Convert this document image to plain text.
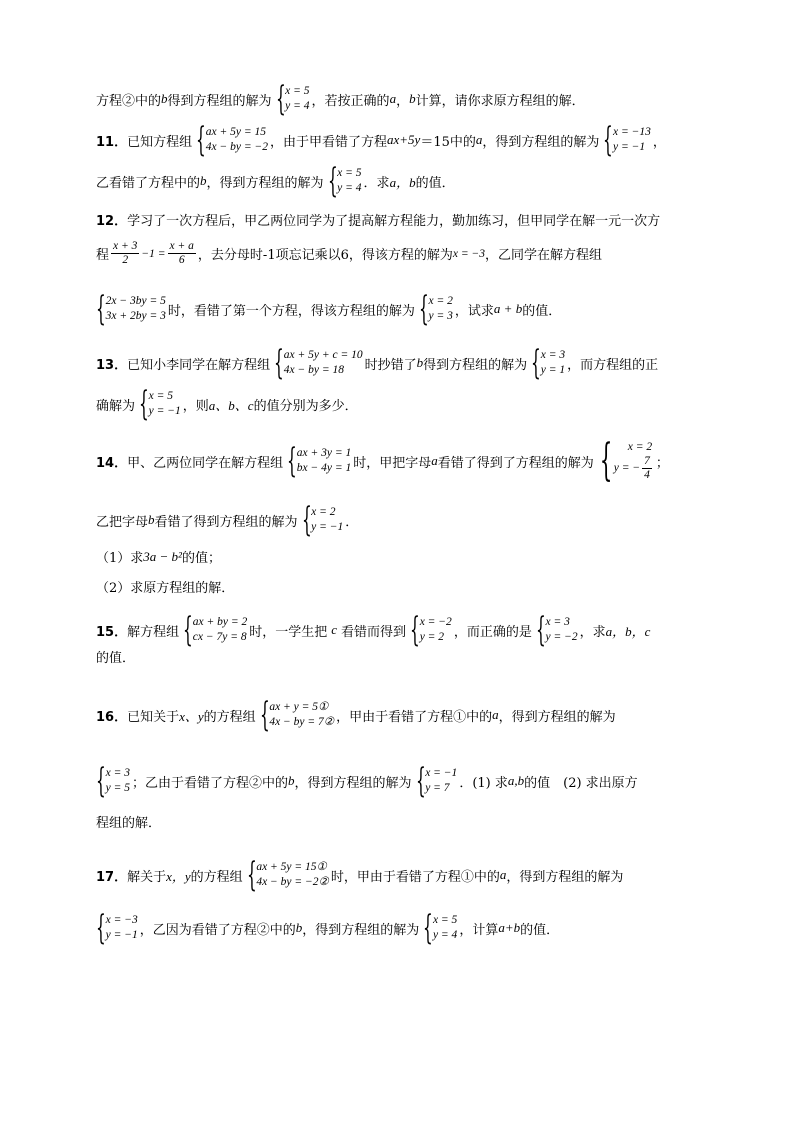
方程②中的 b 得到方程组的解为 { x = 5
y = 4 ，若按正确的 a ， b 计算，请你求原方程组的解．
11． 已知方程组 { ax + 5y = 15
4x − by = −2 ，由于甲看错了方程 ax+5y ＝15中的 a ，得到方程组的解为 { x = −13
y = −1 ，
乙看错了方程中的 b ，得到方程组的解为 { x = 5
y = 4 ．求 a，b 的值．
12． 学习了一次方程后，甲乙两位同学为了提高解方程能力，勤加练习，但甲同学在解一元一次方
程 $\frac{x + 3}{2} -1 = \frac{x + a}{6}$ ，去分母时-1项忘记乘以6，得该方程的解为 x = −3 ，乙同学在解方程组
{ 2x − 3by = 5
3x + 2by = 3 时，看错了第一个方程，得该方程组的解为 { x = 2
y = 3 ，试求 a + b 的值．
13． 已知小李同学在解方程组 { ax + 5y + c = 10
4x − by = 18	时抄错了 b 得到方程组的解为 { x = 3
y = 1 ，而方程组的正
确解为 { x = 5
y = −1 ，则 a、b、c 的值分别为多少．
14． 甲、乙两位同学在解方程组 { ax + 3y = 1
bx − 4y = 1 时，甲把字母 a 看错了得到了方程组的解为 {	x = 2
y = − $\frac{7}{4}$ ；
乙把字母 b 看错了得到方程组的解为 { x = 2
y = −1 ．
（1）求 3a − b² 的值；
（2）求原方程组的解．
15． 解方程组 { ax + by = 2
cx − 7y = 8 时，一学生把 c 看错而得到 { x = −2
y = 2 ，而正确的是 { x = 3
y = −2 ，求 a，b，c
的值．
16． 已知关于 x、y 的方程组 { ax + y = 5①
4x − by = 7② ，甲由于看错了方程①中的 a ，得到方程组的解为
{ x = 3
y = 5 ；乙由于看错了方程②中的 b ，得到方程组的解为 { x = −1
y = 7 ．(1) 求 a,b 的值　(2) 求出原方
程组的解．
17． 解关于 x，y 的方程组 { ax + 5y = 15①
4x − by = −2② 时，甲由于看错了方程①中的 a ，得到方程组的解为
{ x = −3
y = −1 ，乙因为看错了方程②中的 b ，得到方程组的解为 { x = 5
y = 4 ，计算 a+b 的值．
